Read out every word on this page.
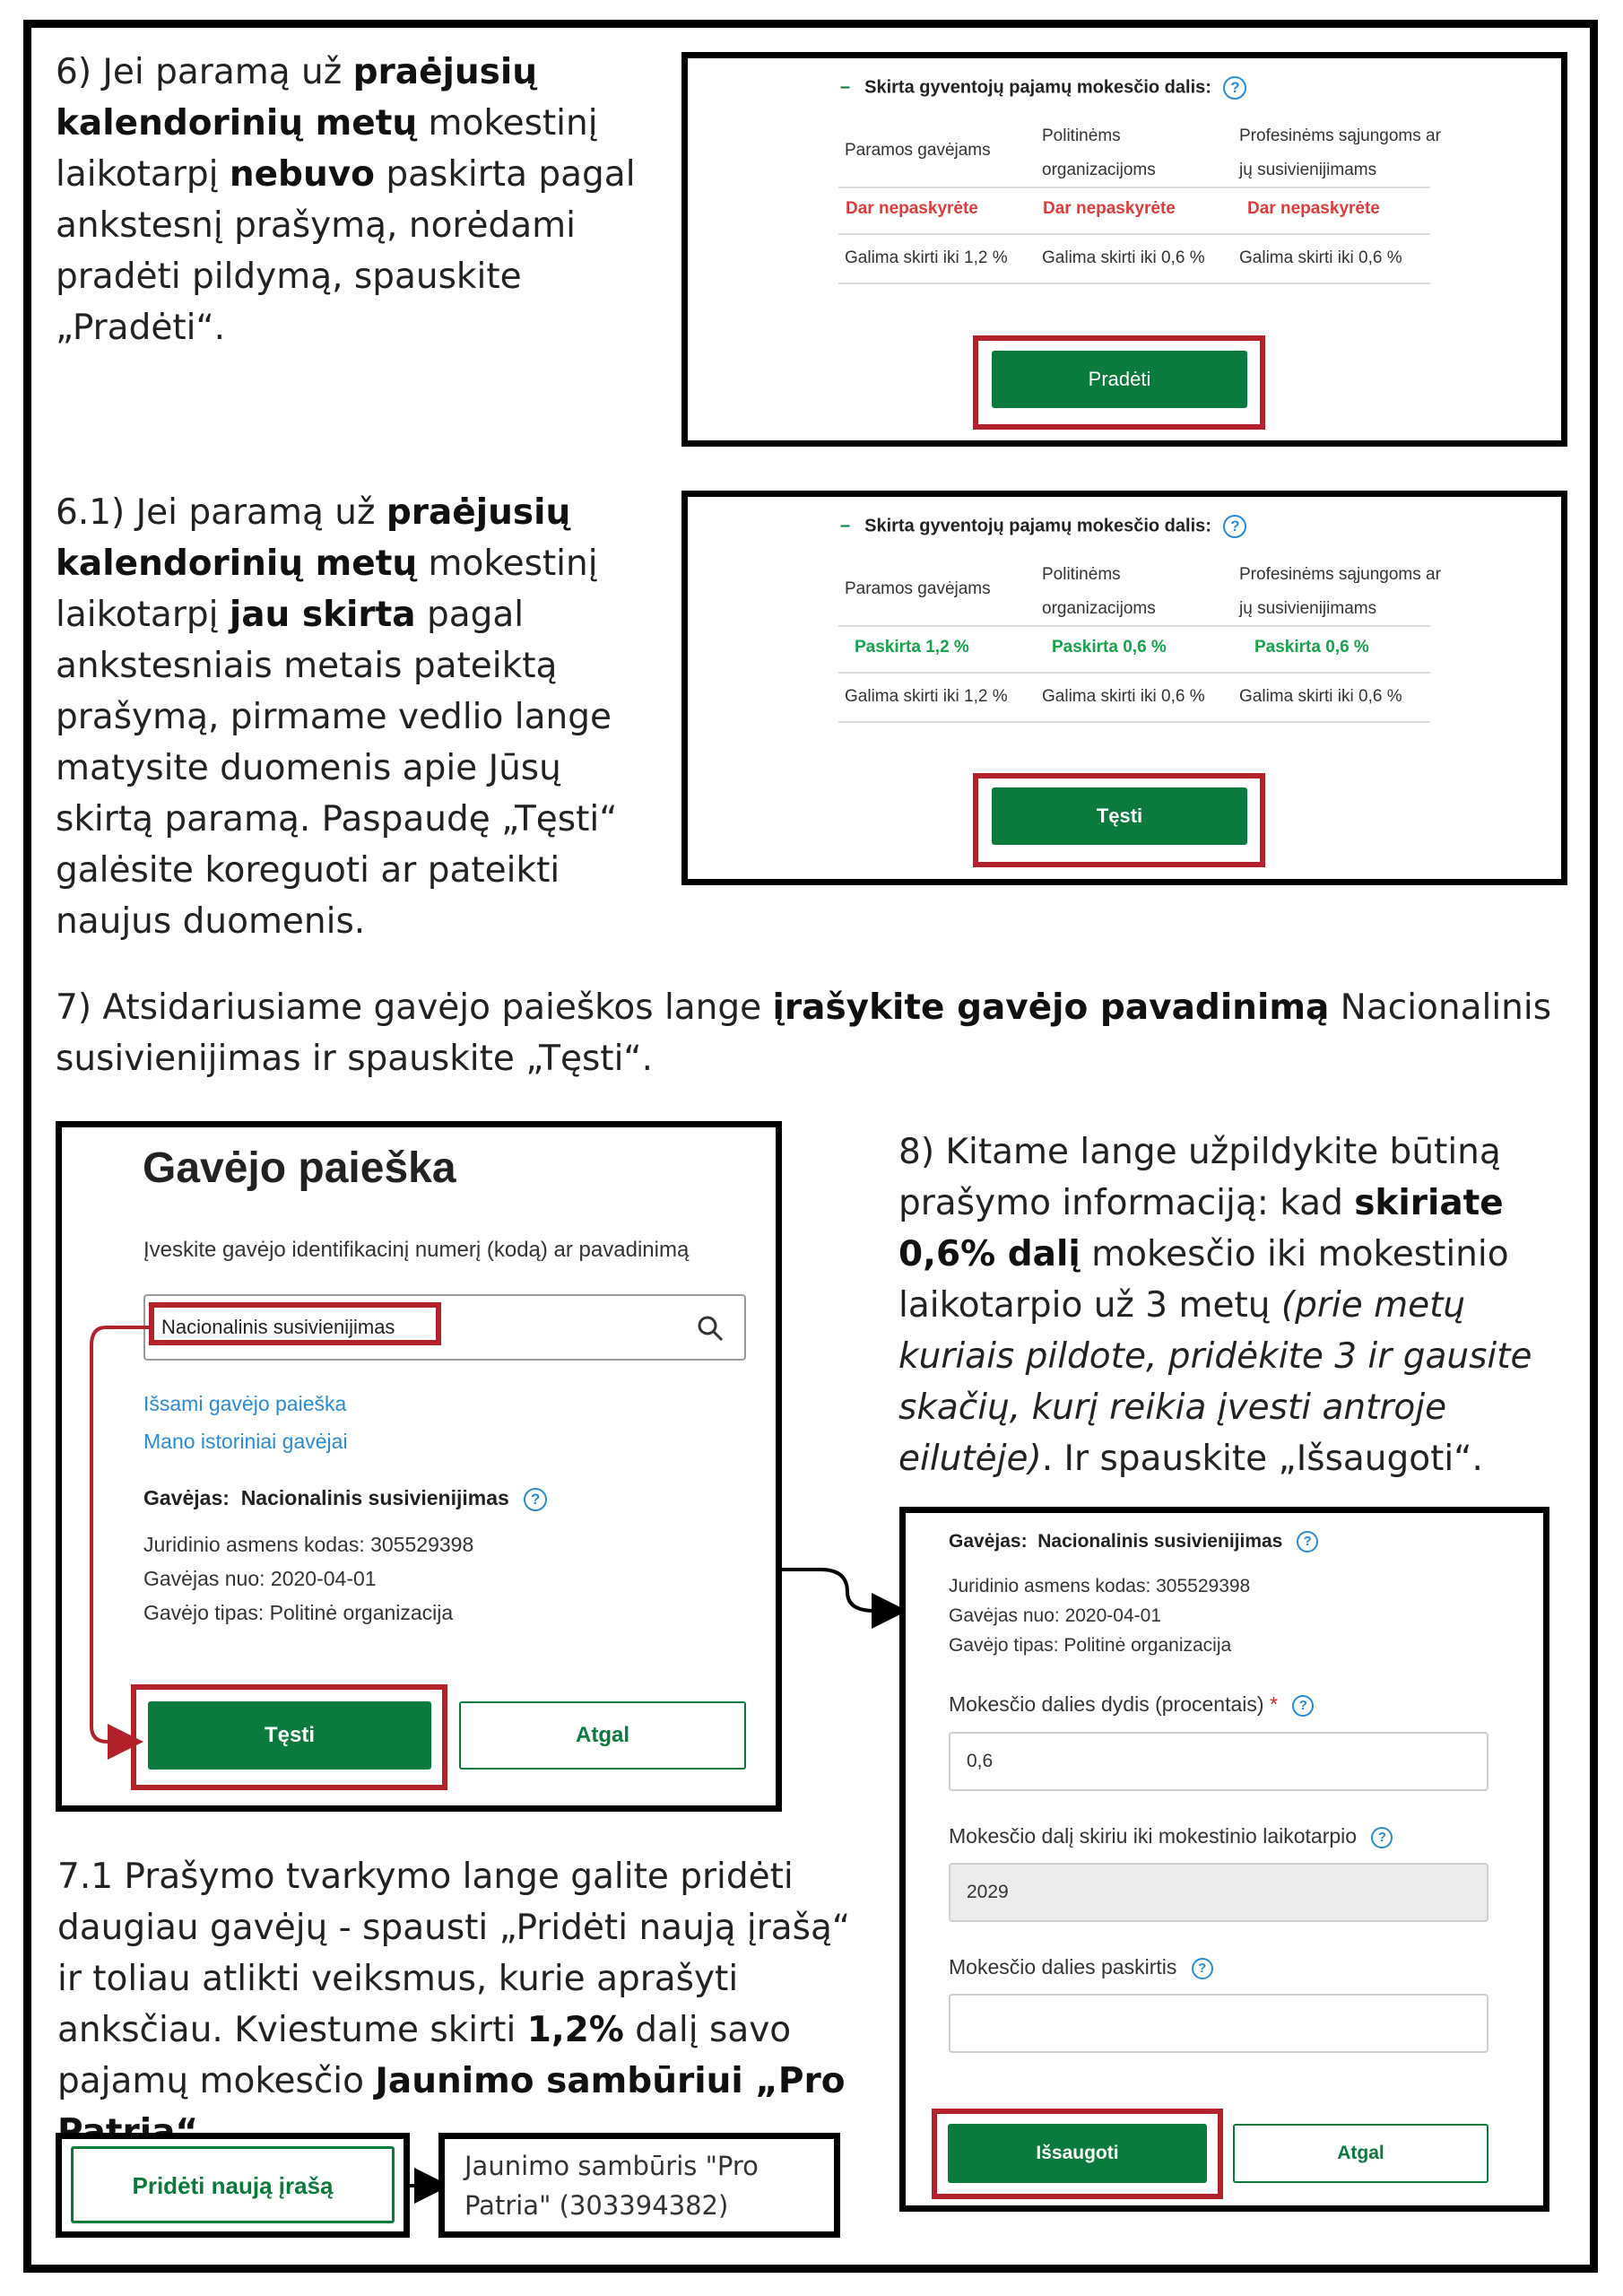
6) Jei paramą už praėjusių kalendorinių metų mokestinį laikotarpį nebuvo paskirta pagal ankstesnį prašymą, norėdami pradėti pildymą, spauskite „Pradėti“.
– Skirta gyventojų pajamų mokesčio dalis: ?
Paramos gavėjams
Politinėms organizacijoms
Profesinėms sąjungoms ar jų susivienijimams
Dar nepaskyrėte	Dar nepaskyrėte	Dar nepaskyrėte
Galima skirti iki 1,2 % Galima skirti iki 0,6 % Galima skirti iki 0,6 %
Pradėti
6.1) Jei paramą už praėjusių kalendorinių metų mokestinį laikotarpį jau skirta pagal ankstesniais metais pateiktą prašymą, pirmame vedlio lange matysite duomenis apie Jūsų skirtą paramą. Paspaudę „Tęsti“ galėsite koreguoti ar pateikti naujus duomenis.
– Skirta gyventojų pajamų mokesčio dalis: ?
Paramos gavėjams
Politinėms organizacijoms
Profesinėms sąjungoms ar jų susivienijimams
Paskirta 1,2 %	Paskirta 0,6 %	Paskirta 0,6 %
Galima skirti iki 1,2 % Galima skirti iki 0,6 % Galima skirti iki 0,6 %
Tęsti
7) Atsidariusiame gavėjo paieškos lange įrašykite gavėjo pavadinimą Nacionalinis susivienijimas ir spauskite „Tęsti“.
Gavėjo paieška
Įveskite gavėjo identifikacinį numerį (kodą) ar pavadinimą
Nacionalinis susivienijimas
Išsami gavėjo paieška
Mano istoriniai gavėjai
Gavėjas: Nacionalinis susivienijimas ?
Juridinio asmens kodas: 305529398
Gavėjas nuo: 2020-04-01
Gavėjo tipas: Politinė organizacija
Tęsti	Atgal
8) Kitame lange užpildykite būtiną prašymo informaciją: kad skiriate 0,6% dalį mokesčio iki mokestinio laikotarpio už 3 metų (prie metų kuriais pildote, pridėkite 3 ir gausite skačių, kurį reikia įvesti antroje eilutėje). Ir spauskite „Išsaugoti“.
Gavėjas: Nacionalinis susivienijimas ?
Juridinio asmens kodas: 305529398
Gavėjas nuo: 2020-04-01
Gavėjo tipas: Politinė organizacija
Mokesčio dalies dydis (procentais) * ?
0,6
Mokesčio dalį skiriu iki mokestinio laikotarpio ?
2029
Mokesčio dalies paskirtis ?
Išsaugoti	Atgal
7.1 Prašymo tvarkymo lange galite pridėti daugiau gavėjų - spausti „Pridėti naują įrašą“ ir toliau atlikti veiksmus, kurie aprašyti anksčiau. Kviestume skirti 1,2% dalį savo pajamų mokesčio Jaunimo sambūriui „Pro
Pridėti naują įrašą
Jaunimo sambūris "Pro Patria" (303394382)
